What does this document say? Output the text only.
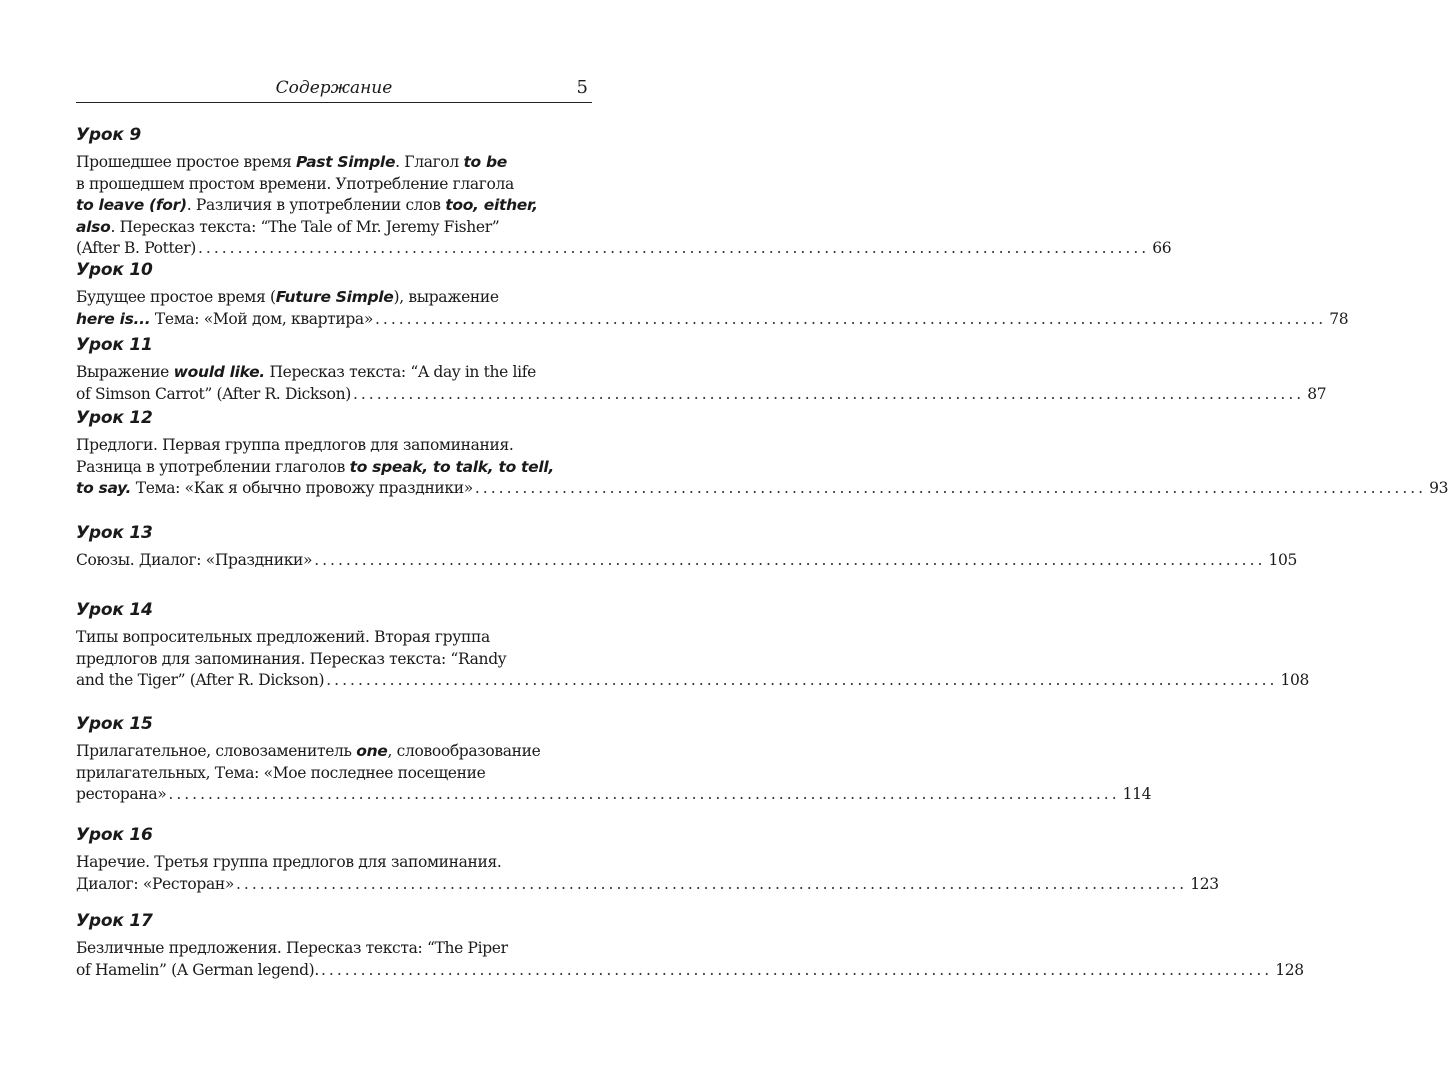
Содержание	5
Урок 9
Прошедшее простое время Past Simple. Глагол to be
в прошедшем простом времени. Употребление глагола
to leave (for). Различия в употреблении слов too, either,
also. Пересказ текста: “The Tale of Mr. Jeremy Fisher”
(After B. Potter) ........................................................................................................................ 66
Урок 10
Будущее простое время (Future Simple), выражение
here is... Тема: «Мой дом, квартира» ........................................................................................................................ 78
Урок 11
Выражение would like. Пересказ текста: “A day in the life
of Simson Carrot” (After R. Dickson) ........................................................................................................................ 87
Урок 12
Предлоги. Первая группа предлогов для запоминания.
Разница в употреблении глаголов to speak, to talk, to tell,
to say. Тема: «Как я обычно провожу праздники» ........................................................................................................................ 93
Урок 13
Союзы. Диалог: «Праздники» ........................................................................................................................ 105
Урок 14
Типы вопросительных предложений. Вторая группа
предлогов для запоминания. Пересказ текста: “Randy
and the Tiger” (After R. Dickson) ........................................................................................................................ 108
Урок 15
Прилагательное, словозаменитель one, словообразование
прилагательных, Тема: «Мое последнее посещение
ресторана» ........................................................................................................................ 114
Урок 16
Наречие. Третья группа предлогов для запоминания.
Диалог: «Ресторан» ........................................................................................................................ 123
Урок 17
Безличные предложения. Пересказ текста: “The Piper
of Hamelin” (A German legend). ........................................................................................................................ 128
